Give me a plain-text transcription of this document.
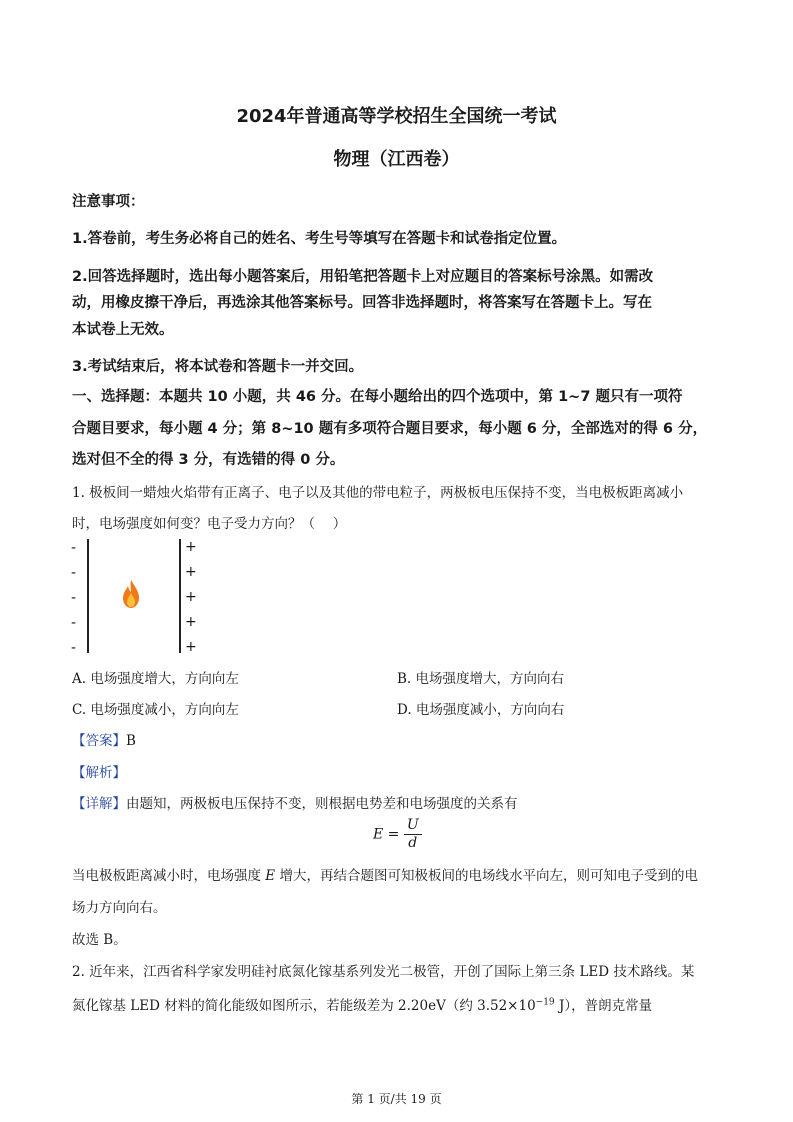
2024年普通高等学校招生全国统一考试
物理（江西卷）
注意事项：
1.答卷前，考生务必将自己的姓名、考生号等填写在答题卡和试卷指定位置。
2.回答选择题时，选出每小题答案后，用铅笔把答题卡上对应题目的答案标号涂黑。如需改
动，用橡皮擦干净后，再选涂其他答案标号。回答非选择题时，将答案写在答题卡上。写在
本试卷上无效。
3.考试结束后，将本试卷和答题卡一并交回。
一、选择题：本题共 10 小题，共 46 分。在每小题给出的四个选项中，第 1~7 题只有一项符
合题目要求，每小题 4 分；第 8~10 题有多项符合题目要求，每小题 6 分，全部选对的得 6 分，
选对但不全的得 3 分，有选错的得 0 分。
1. 极板间一蜡烛火焰带有正离子、电子以及其他的带电粒子，两极板电压保持不变，当电极板距离减小
时，电场强度如何变？电子受力方向？（　 ）
-
-
-
-
-
+
+
+
+
+
A. 电场强度增大，方向向左	B. 电场强度增大，方向向右
C. 电场强度减小，方向向左	D. 电场强度减小，方向向右
【答案】B
【解析】
【详解】由题知，两极板电压保持不变，则根据电势差和电场强度的关系有
$E = \frac{U}{d}$
当电极板距离减小时，电场强度 E 增大，再结合题图可知极板间的电场线水平向左，则可知电子受到的电
场力方向向右。
故选 B。
2. 近年来，江西省科学家发明硅衬底氮化镓基系列发光二极管，开创了国际上第三条 LED 技术路线。某
氮化镓基 LED 材料的简化能级如图所示，若能级差为 2.20eV（约 $3.52\times 10^{-19}$ J），普朗克常量
第 1 页/共 19 页
